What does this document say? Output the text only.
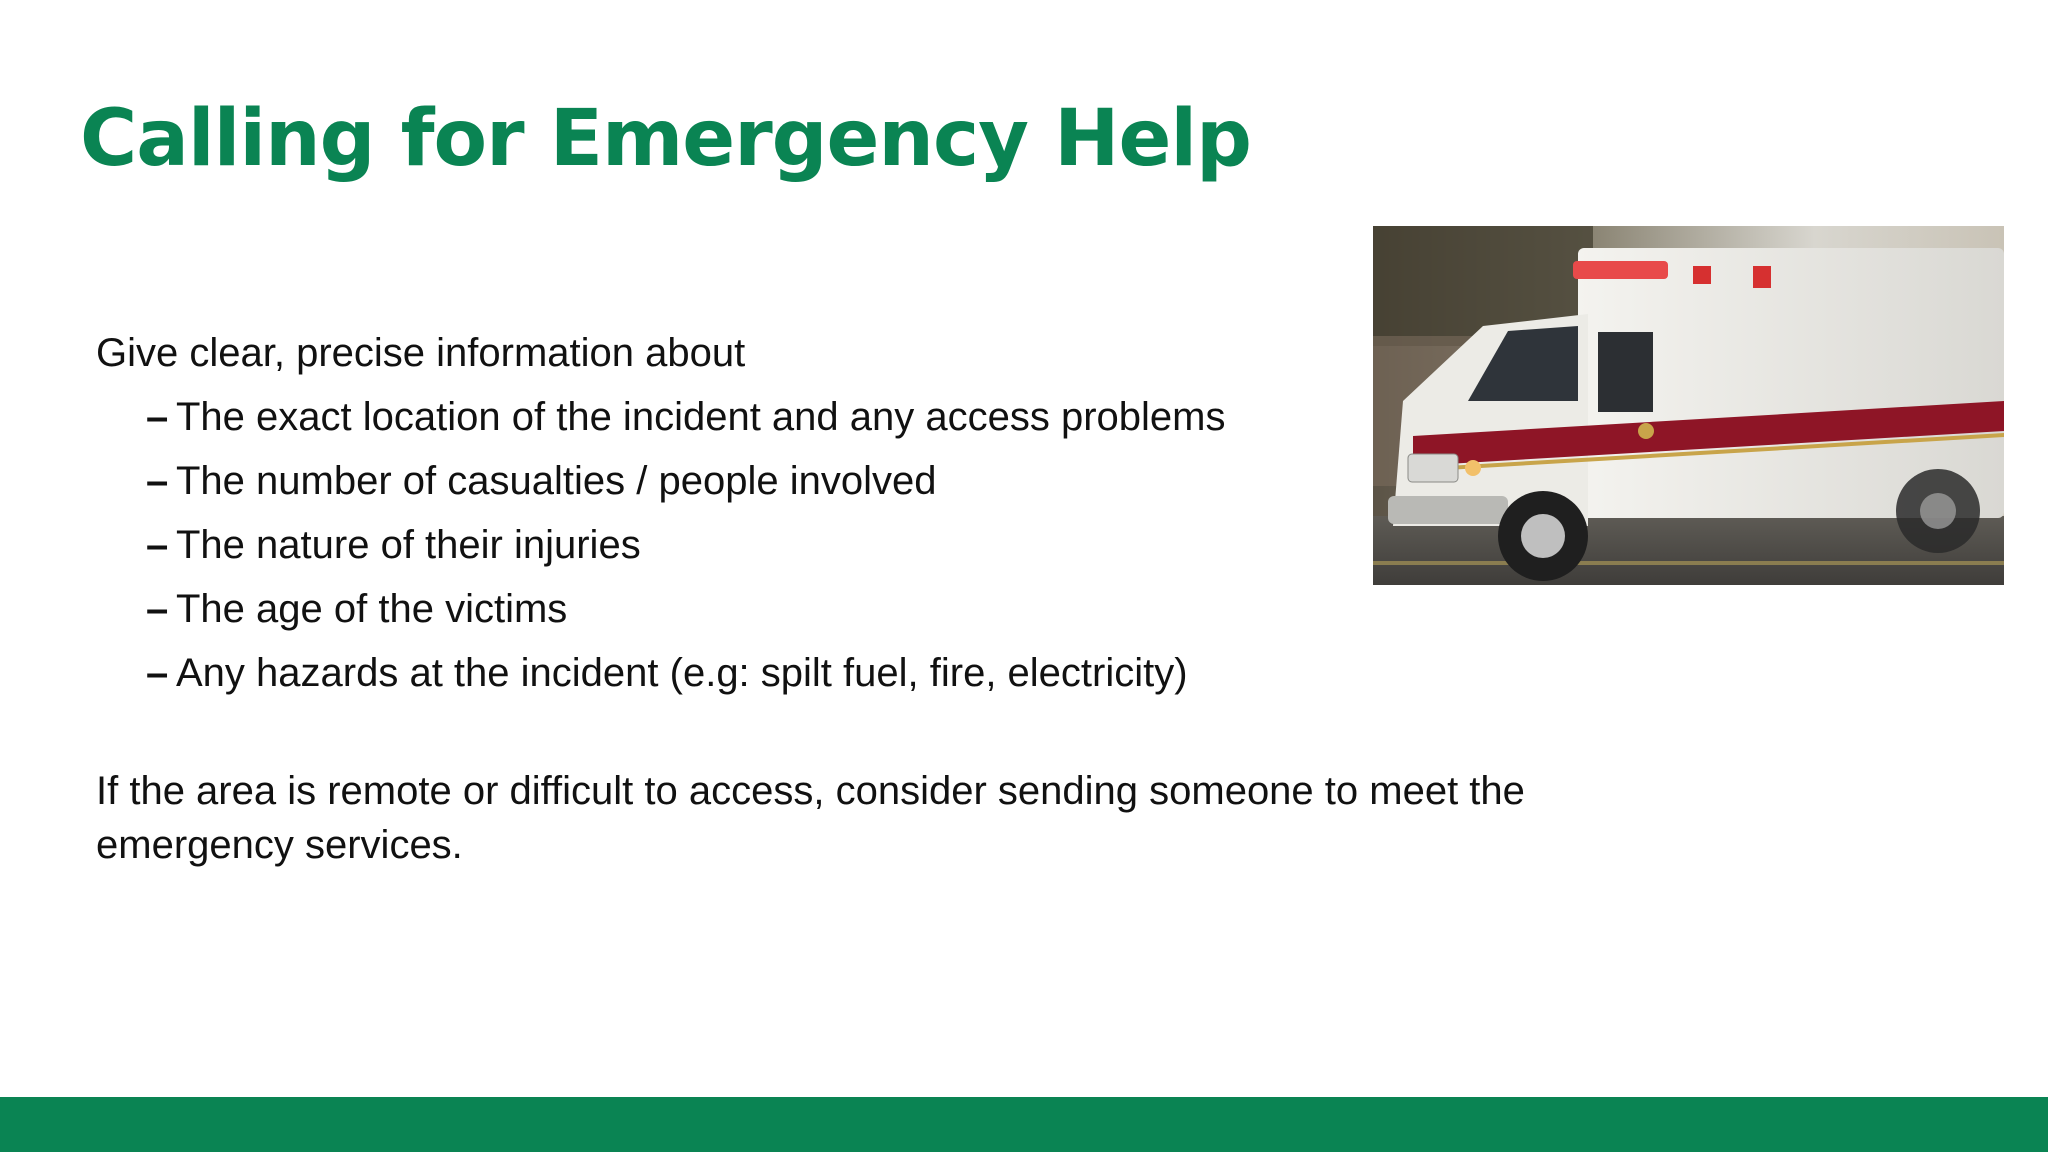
Calling for Emergency Help

Give clear, precise information about

– The exact location of the incident and any access problems
– The number of casualties / people involved
– The nature of their injuries
– The age of the victims
– Any hazards at the incident (e.g: spilt fuel, fire, electricity)

If the area is remote or difficult to access, consider sending someone to meet the emergency services.
